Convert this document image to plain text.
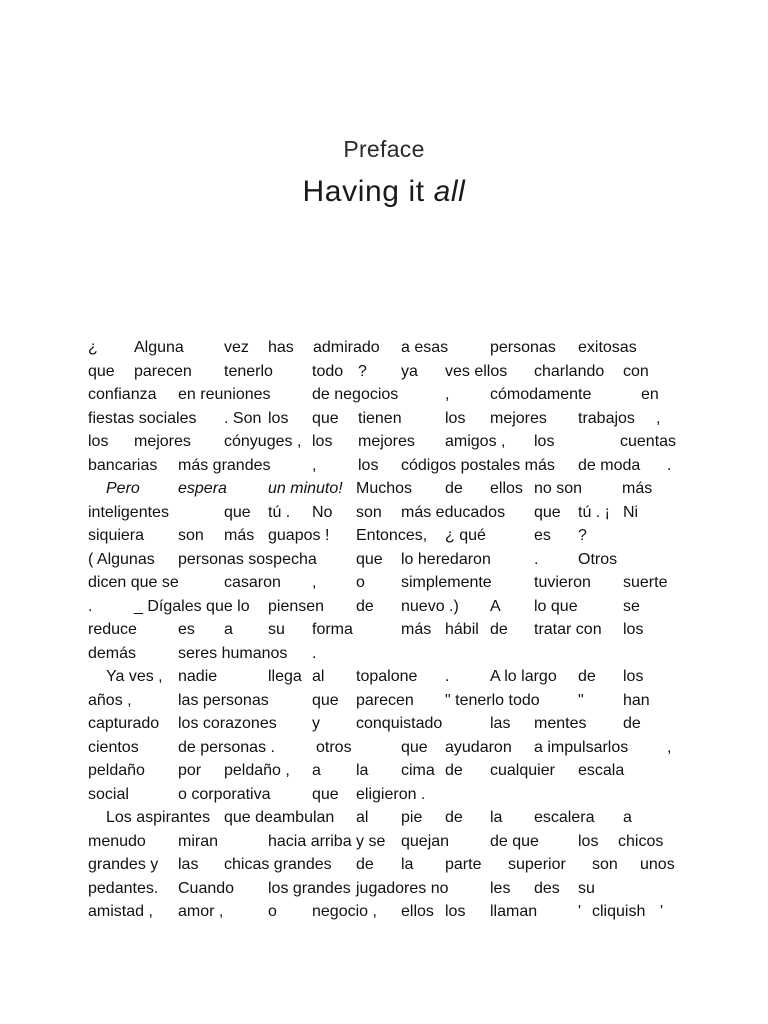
Preface
Having it all
¿ Alguna	vez has admirado a esas	personas exitosas
que parecen tenerlo todo ? ya ves ellos charlando con
confianza en reuniones	de negocios	,	cómodamente	en
fiestas sociales . Son los que tienen	los mejores trabajos ,
los mejores cónyuges , los mejores amigos , los	cuentas
bancarias más grandes	,	los códigos postales más de moda .
Pero espera	un minuto! Muchos de ellos no son más
inteligentes	que tú . No son más educados que tú . ¡ Ni
siquiera son más guapos ! Entonces, ¿ qué	es ?
( Algunas personas sospecha que lo heredaron	. Otros
dicen que se	casaron , o simplemente	tuvieron suerte
.	_ Dígales que lo piensen de nuevo .) A lo que	se
reduce	es a su forma	más hábil de tratar con los
demás	seres humanos .
Ya ves , nadie	llega al topalone .	A lo largo de los
años ,	las personas	que parecen " tenerlo todo " han
capturado los corazones y conquistado	las mentes de
cientos de personas .	otros	que ayudaron a impulsarlos ,
peldaño por peldaño , a la cima de cualquier escala
social	o corporativa	que eligieron .
Los aspirantes que deambulan al pie de la escalera a
menudo miran	hacia arriba y se quejan	de que los chicos
grandes y las chicas grandes de la parte superior son unos
pedantes. Cuando los grandes jugadores no	les des su
amistad , amor ,	o negocio , ellos los llaman	' cliquish '
